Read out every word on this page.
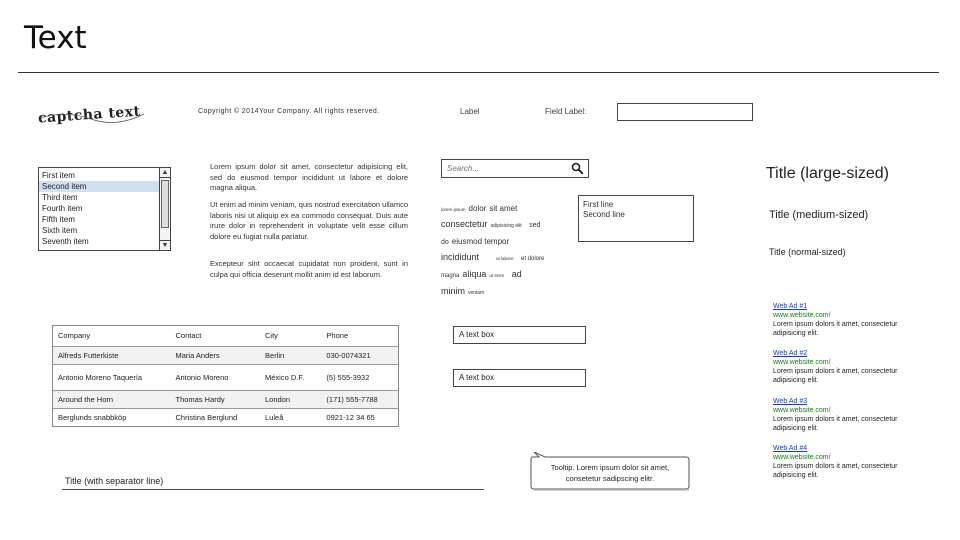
Text
captcha text	Copyright © 2014Your Company. All rights reserved.	Label	Field Label:
First item
Second item
Third item
Fourth item
Fifth item
Sixth item
Seventh item
▲
▼
Lorem ipsum dolor sit amet, consectetur adipisicing elit, sed do eiusmod tempor incididunt ut labore et dolore magna aliqua.
Ut enim ad minim veniam, quis nostrud exercitation ullamco laboris nisi ut aliquip ex ea commodo consequat. Duis aute irure dolor in reprehenderit in voluptate velit esse cillum dolore eu fugiat nulla pariatur.
Excepteur sint occaecat cupidatat non proident, sunt in culpa qui officia deserunt mollit anim id est laborum.
Search...
lorem ipsum dolor sit amet consectetur adipisicing elit sed do eiusmod tempor incididunt	ut labore et dolore magna aliqua ut enim ad minim veniam
First line
Second line
Title (large-sized)
Title (medium-sized)
Title (normal-sized)
Company	Contact	City	Phone
Alfreds Futterkiste	Maria Anders	Berlin	030-0074321
Antonio Moreno Taquería	Antonio Moreno	México D.F.	(5) 555-3932
Around the Horn	Thomas Hardy	London	(171) 555-7788
Berglunds snabbköp	Christina Berglund	Luleå	0921-12 34 65
A text box
A text box
Web Ad #1
www.website.com/
Lorem ipsum dolors it amet, consectetur adipisicing elit.
Web Ad #2
www.website.com/
Lorem ipsum dolors it amet, consectetur adipisicing elit.
Web Ad #3
www.website.com/
Lorem ipsum dolors it amet, consectetur adipisicing elit.
Web Ad #4
www.website.com/
Lorem ipsum dolors it amet, consectetur adipisicing elit.
Tooltip. Lorem ipsum dolor sit amet, consetetur sadipscing elitr.
Title (with separator line)
